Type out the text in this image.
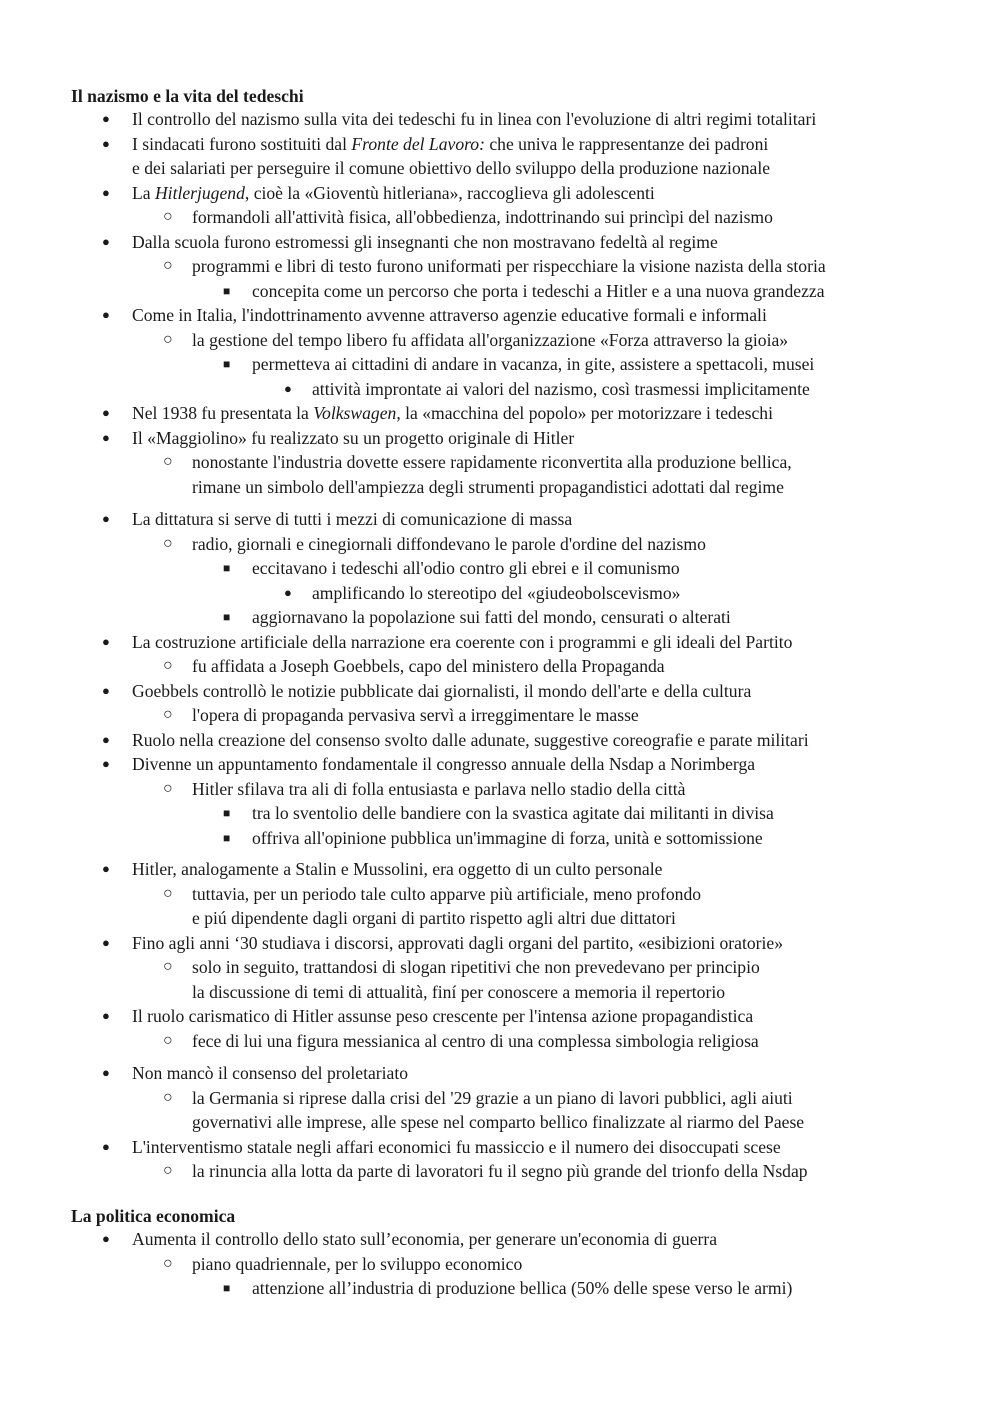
Il nazismo e la vita del tedeschi
● Il controllo del nazismo sulla vita dei tedeschi fu in linea con l'evoluzione di altri regimi totalitari
● I sindacati furono sostituiti dal Fronte del Lavoro: che univa le rappresentanze dei padroni
e dei salariati per perseguire il comune obiettivo dello sviluppo della produzione nazionale
● La Hitlerjugend, cioè la «Gioventù hitleriana», raccoglieva gli adolescenti
○ formandoli all'attività fisica, all'obbedienza, indottrinando sui princìpi del nazismo
● Dalla scuola furono estromessi gli insegnanti che non mostravano fedeltà al regime
○ programmi e libri di testo furono uniformati per rispecchiare la visione nazista della storia
■ concepita come un percorso che porta i tedeschi a Hitler e a una nuova grandezza
● Come in Italia, l'indottrinamento avvenne attraverso agenzie educative formali e informali
○ la gestione del tempo libero fu affidata all'organizzazione «Forza attraverso la gioia»
■ permetteva ai cittadini di andare in vacanza, in gite, assistere a spettacoli, musei
● attività improntate ai valori del nazismo, così trasmessi implicitamente
● Nel 1938 fu presentata la Volkswagen, la «macchina del popolo» per motorizzare i tedeschi
● Il «Maggiolino» fu realizzato su un progetto originale di Hitler
○ nonostante l'industria dovette essere rapidamente riconvertita alla produzione bellica,
rimane un simbolo dell'ampiezza degli strumenti propagandistici adottati dal regime
● La dittatura si serve di tutti i mezzi di comunicazione di massa
○ radio, giornali e cinegiornali diffondevano le parole d'ordine del nazismo
■ eccitavano i tedeschi all'odio contro gli ebrei e il comunismo
● amplificando lo stereotipo del «giudeobolscevismo»
■ aggiornavano la popolazione sui fatti del mondo, censurati o alterati
● La costruzione artificiale della narrazione era coerente con i programmi e gli ideali del Partito
○ fu affidata a Joseph Goebbels, capo del ministero della Propaganda
● Goebbels controllò le notizie pubblicate dai giornalisti, il mondo dell'arte e della cultura
○ l'opera di propaganda pervasiva servì a irreggimentare le masse
● Ruolo nella creazione del consenso svolto dalle adunate, suggestive coreografie e parate militari
● Divenne un appuntamento fondamentale il congresso annuale della Nsdap a Norimberga
○ Hitler sfilava tra ali di folla entusiasta e parlava nello stadio della città
■ tra lo sventolio delle bandiere con la svastica agitate dai militanti in divisa
■ offriva all'opinione pubblica un'immagine di forza, unità e sottomissione
● Hitler, analogamente a Stalin e Mussolini, era oggetto di un culto personale
○ tuttavia, per un periodo tale culto apparve più artificiale, meno profondo
e piú dipendente dagli organi di partito rispetto agli altri due dittatori
● Fino agli anni ‘30 studiava i discorsi, approvati dagli organi del partito, «esibizioni oratorie»
○ solo in seguito, trattandosi di slogan ripetitivi che non prevedevano per principio
la discussione di temi di attualità, finí per conoscere a memoria il repertorio
● Il ruolo carismatico di Hitler assunse peso crescente per l'intensa azione propagandistica
○ fece di lui una figura messianica al centro di una complessa simbologia religiosa
● Non mancò il consenso del proletariato
○ la Germania si riprese dalla crisi del '29 grazie a un piano di lavori pubblici, agli aiuti
governativi alle imprese, alle spese nel comparto bellico finalizzate al riarmo del Paese
● L'interventismo statale negli affari economici fu massiccio e il numero dei disoccupati scese
○ la rinuncia alla lotta da parte di lavoratori fu il segno più grande del trionfo della Nsdap
La politica economica
● Aumenta il controllo dello stato sull’economia, per generare un'economia di guerra
○ piano quadriennale, per lo sviluppo economico
■ attenzione all’industria di produzione bellica (50% delle spese verso le armi)
